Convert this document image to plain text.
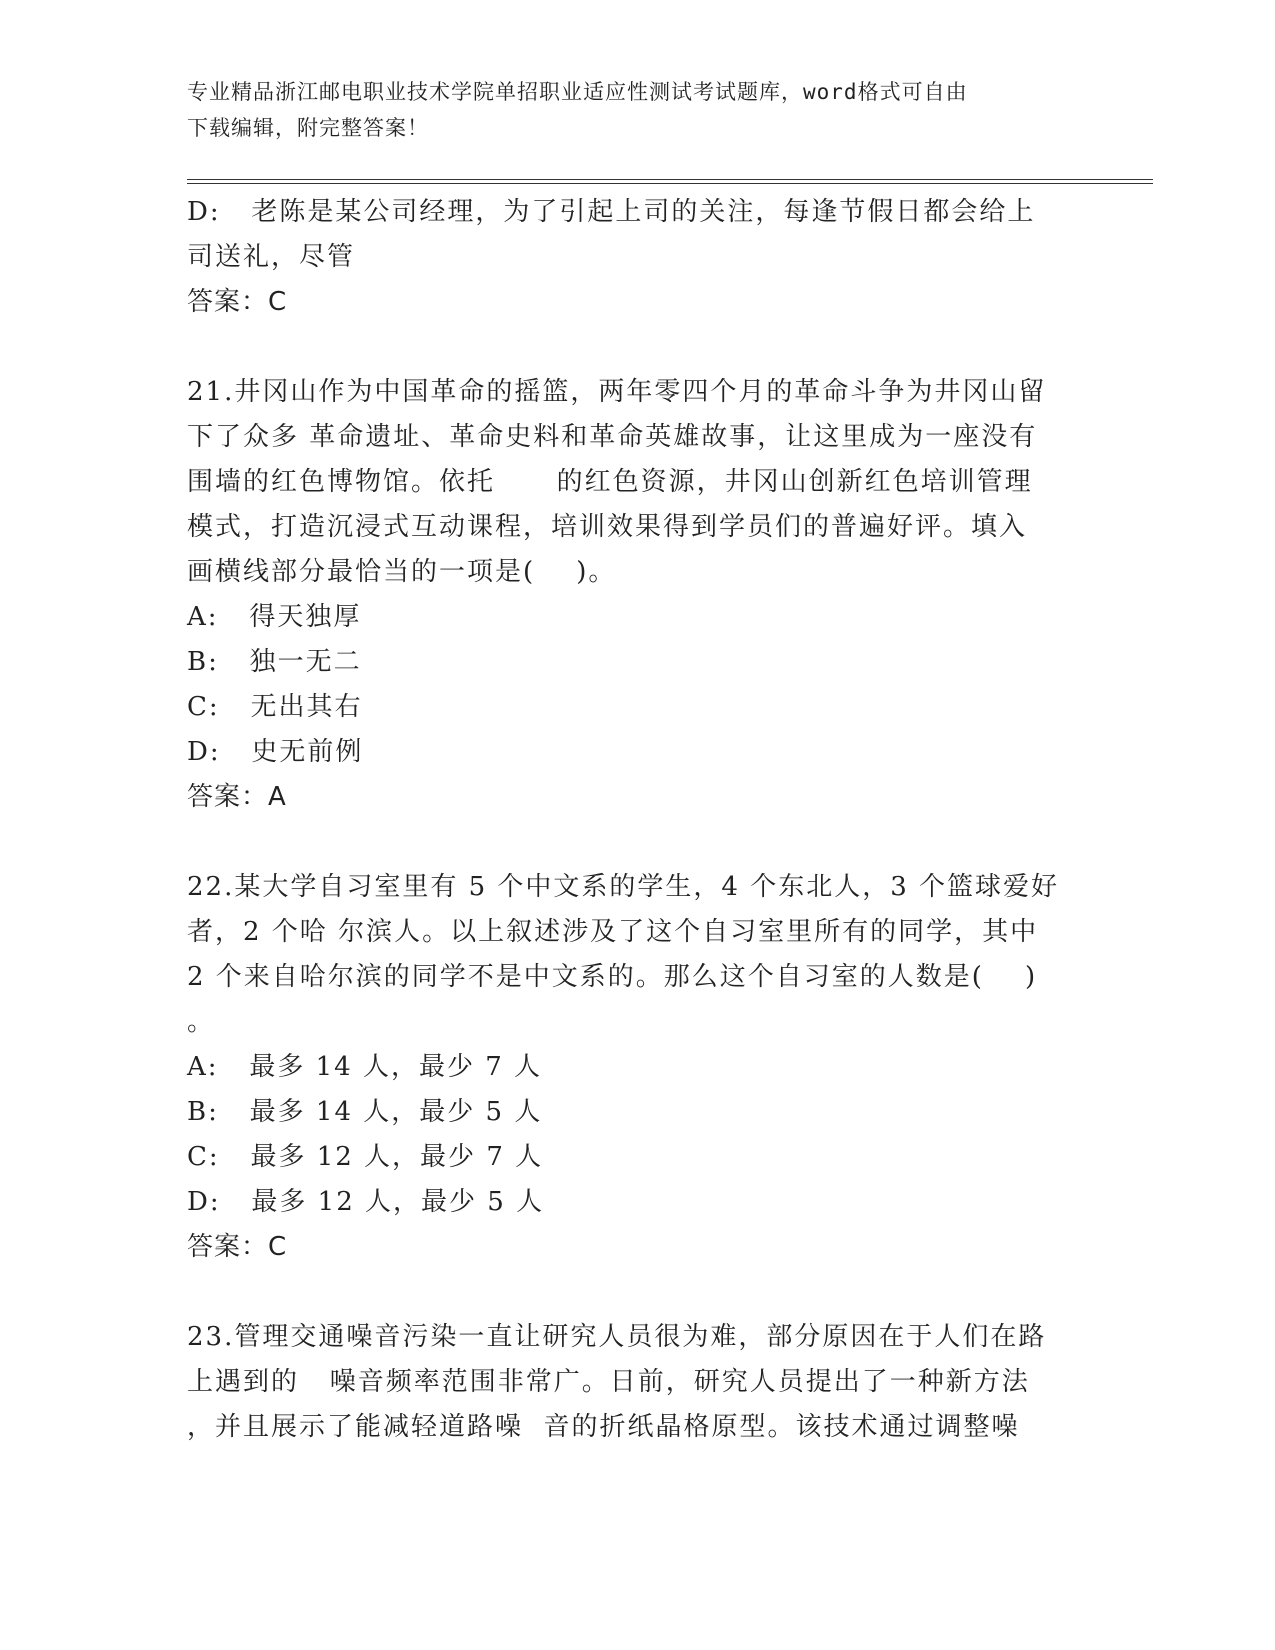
专业精品浙江邮电职业技术学院单招职业适应性测试考试题库，word格式可自由
下载编辑，附完整答案！
D:   老陈是某公司经理，为了引起上司的关注，每逢节假日都会给上
司送礼，尽管
答案：C
21.井冈山作为中国革命的摇篮，两年零四个月的革命斗争为井冈山留
下了众多 革命遗址、革命史料和革命英雄故事，让这里成为一座没有
围墙的红色博物馆。依托      的红色资源，井冈山创新红色培训管理
模式，打造沉浸式互动课程，培训效果得到学员们的普遍好评。填入
画横线部分最恰当的一项是(    )。
A:   得天独厚
B:   独一无二
C:   无出其右
D:   史无前例
答案：A
22.某大学自习室里有 5 个中文系的学生，4 个东北人，3 个篮球爱好
者，2 个哈 尔滨人。以上叙述涉及了这个自习室里所有的同学，其中
2 个来自哈尔滨的同学不是中文系的。那么这个自习室的人数是(    )
。
A:   最多 14 人，最少 7 人
B:   最多 14 人，最少 5 人
C:   最多 12 人，最少 7 人
D:   最多 12 人，最少 5 人
答案：C
23.管理交通噪音污染一直让研究人员很为难，部分原因在于人们在路
上遇到的   噪音频率范围非常广。日前，研究人员提出了一种新方法
，并且展示了能减轻道路噪  音的折纸晶格原型。该技术通过调整噪
